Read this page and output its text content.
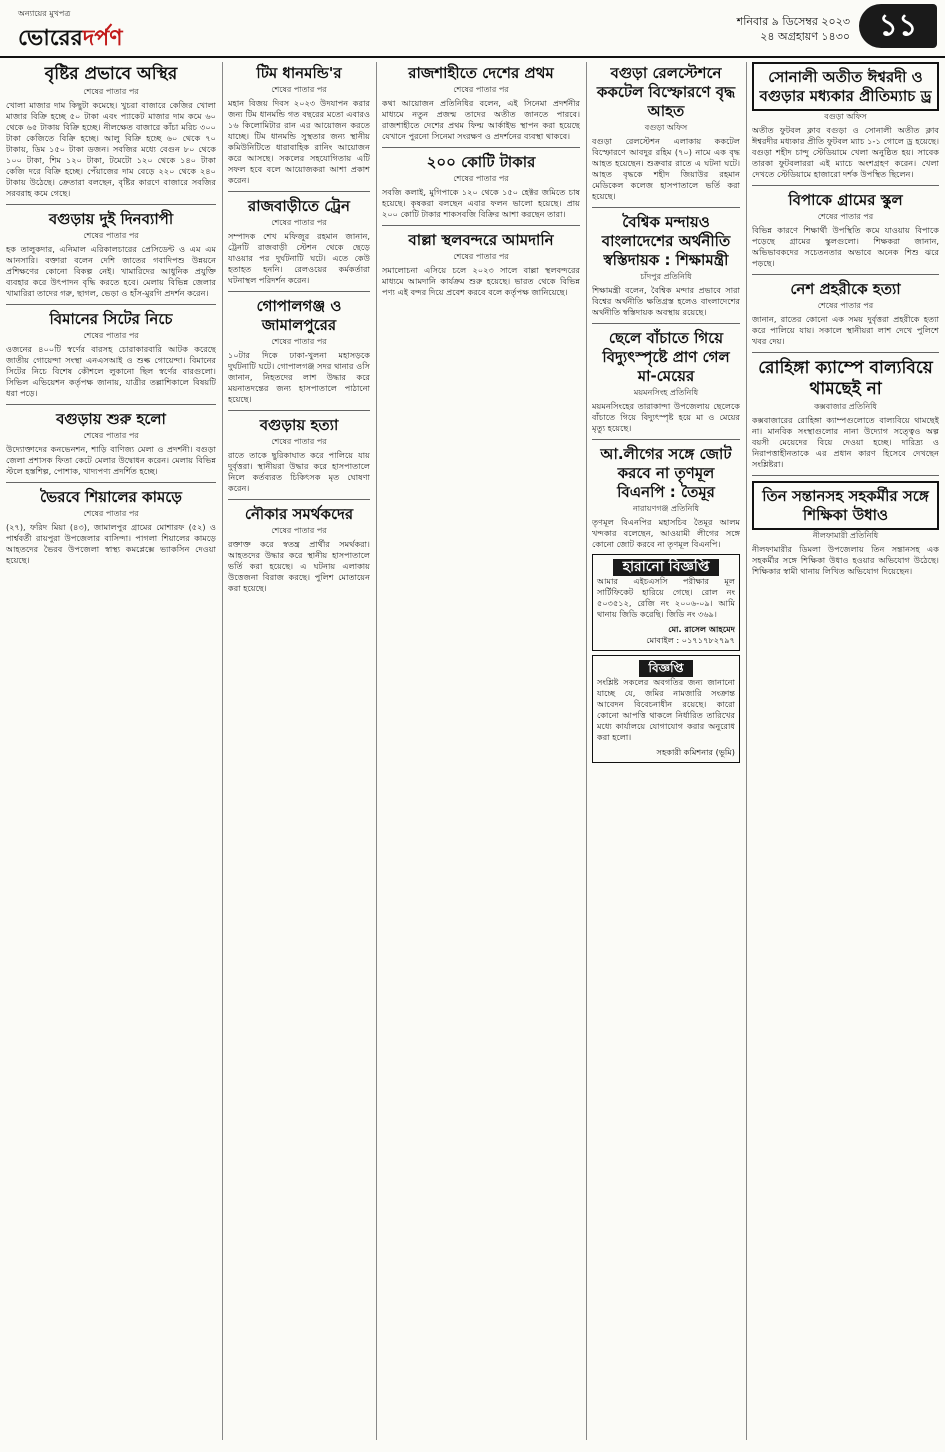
অন্যায়ের মুখপত্র
ভোরেরদর্পণ
শনিবার ৯ ডিসেম্বর ২০২৩
২৪ অগ্রহায়ণ ১৪৩০ ১১
বৃষ্টির প্রভাবে অস্থির
শেষের পাতার পর

খোলা মাজার দাম কিছুটা কমেছে। খুচরা বাজারে কেজির খোলা মাজার বিক্রি হচ্ছে ৫০ টাকা এবং প্যাকেট মাজার দাম কমে ৬০ থেকে ৬৫ টাকায় বিক্রি হচ্ছে। নীলক্ষেত বাজারে কাঁচা মরিচ ৩০০ টাকা কেজিতে বিক্রি হচ্ছে। আলু বিক্রি হচ্ছে ৬০ থেকে ৭০ টাকায়, ডিম ১৫০ টাকা ডজন। সবজির মধ্যে বেগুন ৮০ থেকে ১০০ টাকা, শিম ১২০ টাকা, টমেটো ১২০ থেকে ১৪০ টাকা কেজি দরে বিক্রি হচ্ছে। পেঁয়াজের দাম বেড়ে ২২০ থেকে ২৪০ টাকায় উঠেছে। ক্রেতারা বলছেন, বৃষ্টির কারণে বাজারে সবজির সরবরাহ কমে গেছে।

বগুড়ায় দুই দিনব্যাপী
শেষের পাতার পর

হক তালুকদার, এনিমাল এরিকালচারের প্রেসিডেন্ট ও এম এম আনসারি। বক্তারা বলেন দেশি জাতের গবাদিপশু উন্নয়নে প্রশিক্ষণের কোনো বিকল্প নেই। খামারিদের আধুনিক প্রযুক্তি ব্যবহার করে উৎপাদন বৃদ্ধি করতে হবে। মেলায় বিভিন্ন জেলার খামারিরা তাদের গরু, ছাগল, ভেড়া ও হাঁস-মুরগি প্রদর্শন করেন।

বিমানের সিটের নিচে
শেষের পাতার পর

ওজনের ৪০০টি স্বর্ণের বারসহ চোরাকারবারি আটক করেছে জাতীয় গোয়েন্দা সংস্থা এনএসআই ও শুল্ক গোয়েন্দা। বিমানের সিটের নিচে বিশেষ কৌশলে লুকানো ছিল স্বর্ণের বারগুলো। সিভিল এভিয়েশন কর্তৃপক্ষ জানায়, যাত্রীর তল্লাশিকালে বিষয়টি ধরা পড়ে।

বগুড়ায় শুরু হলো
শেষের পাতার পর

উদ্যোক্তাদের কনভেনশন, শাড়ি বাণিজ্য মেলা ও প্রদর্শনী। বগুড়া জেলা প্রশাসক ফিতা কেটে মেলার উদ্বোধন করেন। মেলায় বিভিন্ন স্টলে হস্তশিল্প, পোশাক, খাদ্যপণ্য প্রদর্শিত হচ্ছে।

ভৈরবে শিয়ালের কামড়ে
শেষের পাতার পর

(২৭), ফরিদ মিয়া (৪৩), জামালপুর গ্রামের মোশারফ (৫২) ও পার্শ্ববর্তী রায়পুরা উপজেলার বাসিন্দা। পাগলা শিয়ালের কামড়ে আহতদের ভৈরব উপজেলা স্বাস্থ্য কমপ্লেক্সে ভ্যাকসিন দেওয়া হয়েছে।

টিম ধানমন্ডি'র
শেষের পাতার পর

মহান বিজয় দিবস ২০২৩ উদযাপন করার জন্য টিম ধানমন্ডি গত বছরের মতো এবারও ১৬ কিলোমিটার রান এর আয়োজন করতে যাচ্ছে। টিম ধানমন্ডি সুস্থতার জন্য স্থানীয় কমিউনিটিতে ধারাবাহিক রানিং আয়োজন করে আসছে। সকলের সহযোগিতায় এটি সফল হবে বলে আয়োজকরা আশা প্রকাশ করেন।

রাজবাড়ীতে ট্রেন
শেষের পাতার পর

সম্পাদক শেখ মফিজুর রহমান জানান, ট্রেনটি রাজবাড়ী স্টেশন থেকে ছেড়ে যাওয়ার পর দুর্ঘটনাটি ঘটে। এতে কেউ হতাহত হননি। রেলওয়ের কর্মকর্তারা ঘটনাস্থল পরিদর্শন করেন।

গোপালগঞ্জ ও জামালপুরের
শেষের পাতার পর

১০টার দিকে ঢাকা-খুলনা মহাসড়কে দুর্ঘটনাটি ঘটে। গোপালগঞ্জ সদর থানার ওসি জানান, নিহতদের লাশ উদ্ধার করে ময়নাতদন্তের জন্য হাসপাতালে পাঠানো হয়েছে।

বগুড়ায় হত্যা
শেষের পাতার পর

রাতে তাকে ছুরিকাঘাত করে পালিয়ে যায় দুর্বৃত্তরা। স্থানীয়রা উদ্ধার করে হাসপাতালে নিলে কর্তব্যরত চিকিৎসক মৃত ঘোষণা করেন।

নৌকার সমর্থকদের
শেষের পাতার পর

রক্তাক্ত করে স্বতন্ত্র প্রার্থীর সমর্থকরা। আহতদের উদ্ধার করে স্থানীয় হাসপাতালে ভর্তি করা হয়েছে। এ ঘটনায় এলাকায় উত্তেজনা বিরাজ করছে। পুলিশ মোতায়েন করা হয়েছে।

রাজশাহীতে দেশের প্রথম
শেষের পাতার পর

কথা আয়োজন প্রতিনিধির বলেন, এই সিনেমা প্রদর্শনীর মাধ্যমে নতুন প্রজন্ম তাদের অতীত জানতে পারবে। রাজশাহীতে দেশের প্রথম ফিল্ম আর্কাইভ স্থাপন করা হয়েছে যেখানে পুরনো সিনেমা সংরক্ষণ ও প্রদর্শনের ব্যবস্থা থাকবে।

২০০ কোটি টাকার
শেষের পাতার পর

সবজি কলাই, মুগিপাকে ১২০ থেকে ১৫০ হেক্টর জমিতে চাষ হয়েছে। কৃষকরা বলছেন এবার ফলন ভালো হয়েছে। প্রায় ২০০ কোটি টাকার শাকসবজি বিক্রির আশা করছেন তারা।

বাল্লা স্থলবন্দরে আমদানি
শেষের পাতার পর

সমালোচনা এসিয়ে চলে ২০২৩ সালে বাল্লা স্থলবন্দরের মাধ্যমে আমদানি কার্যক্রম শুরু হয়েছে। ভারত থেকে বিভিন্ন পণ্য এই বন্দর দিয়ে প্রবেশ করবে বলে কর্তৃপক্ষ জানিয়েছে।

বগুড়া রেলস্টেশনে ককটেল বিস্ফোরণে বৃদ্ধ আহত
বগুড়া অফিস

বগুড়া রেলস্টেশন এলাকায় ককটেল বিস্ফোরণে আবদুর রহিম (৭০) নামে এক বৃদ্ধ আহত হয়েছেন। শুক্রবার রাতে এ ঘটনা ঘটে। আহত বৃদ্ধকে শহীদ জিয়াউর রহমান মেডিকেল কলেজ হাসপাতালে ভর্তি করা হয়েছে।

বৈশ্বিক মন্দায়ও বাংলাদেশের অর্থনীতি স্বস্তিদায়ক : শিক্ষামন্ত্রী
চাঁদপুর প্রতিনিধি

শিক্ষামন্ত্রী বলেন, বৈশ্বিক মন্দার প্রভাবে সারা বিশ্বের অর্থনীতি ক্ষতিগ্রস্ত হলেও বাংলাদেশের অর্থনীতি স্বস্তিদায়ক অবস্থায় রয়েছে।

ছেলে বাঁচাতে গিয়ে বিদ্যুৎস্পৃষ্টে প্রাণ গেল মা-মেয়ের
ময়মনসিংহ প্রতিনিধি

ময়মনসিংহের তারাকান্দা উপজেলায় ছেলেকে বাঁচাতে গিয়ে বিদ্যুৎস্পৃষ্ট হয়ে মা ও মেয়ের মৃত্যু হয়েছে।

আ.লীগের সঙ্গে জোট করবে না তৃণমূল বিএনপি : তৈমূর
নারায়ণগঞ্জ প্রতিনিধি

তৃণমূল বিএনপির মহাসচিব তৈমূর আলম খন্দকার বলেছেন, আওয়ামী লীগের সঙ্গে কোনো জোট করবে না তৃণমূল বিএনপি।

হারানো বিজ্ঞপ্তি

আমার এইচএসসি পরীক্ষার মূল সার্টিফিকেট হারিয়ে গেছে। রোল নং ৫০৩৫১২, রেজি নং ২০০৬-০৯। আমি থানায় জিডি করেছি। জিডি নং ৩৬৯।

মো. রাসেল আহমেদ
মোবাইল : ০১৭১৭৮২৭৯৭
বিজ্ঞপ্তি

সংশ্লিষ্ট সকলের অবগতির জন্য জানানো যাচ্ছে যে, জমির নামজারি সংক্রান্ত আবেদন বিবেচনাধীন রয়েছে। কারো কোনো আপত্তি থাকলে নির্ধারিত তারিখের মধ্যে কার্যালয়ে যোগাযোগ করার অনুরোধ করা হলো।

সহকারী কমিশনার (ভূমি)
সোনালী অতীত ঈশ্বরদী ও বগুড়ার মধ্যকার প্রীতিম্যাচ ড্র
বগুড়া অফিস

অতীত ফুটবল ক্লাব বগুড়া ও সোনালী অতীত ক্লাব ঈশ্বরদীর মধ্যকার প্রীতি ফুটবল ম্যাচ ১-১ গোলে ড্র হয়েছে। বগুড়া শহীদ চান্দু স্টেডিয়ামে খেলা অনুষ্ঠিত হয়। সাবেক তারকা ফুটবলাররা এই ম্যাচে অংশগ্রহণ করেন। খেলা দেখতে স্টেডিয়ামে হাজারো দর্শক উপস্থিত ছিলেন।

বিপাকে গ্রামের স্কুল
শেষের পাতার পর

বিভিন্ন কারণে শিক্ষার্থী উপস্থিতি কমে যাওয়ায় বিপাকে পড়েছে গ্রামের স্কুলগুলো। শিক্ষকরা জানান, অভিভাবকদের সচেতনতার অভাবে অনেক শিশু ঝরে পড়ছে।

নেশ প্রহরীকে হত্যা
শেষের পাতার পর

জানান, রাতের কোনো এক সময় দুর্বৃত্তরা প্রহরীকে হত্যা করে পালিয়ে যায়। সকালে স্থানীয়রা লাশ দেখে পুলিশে খবর দেয়।

রোহিঙ্গা ক্যাম্পে বাল্যবিয়ে থামছেই না
কক্সবাজার প্রতিনিধি

কক্সবাজারের রোহিঙ্গা ক্যাম্পগুলোতে বাল্যবিয়ে থামছেই না। মানবিক সংস্থাগুলোর নানা উদ্যোগ সত্ত্বেও অল্প বয়সী মেয়েদের বিয়ে দেওয়া হচ্ছে। দারিদ্র্য ও নিরাপত্তাহীনতাকে এর প্রধান কারণ হিসেবে দেখছেন সংশ্লিষ্টরা।

তিন সন্তানসহ সহকর্মীর সঙ্গে শিক্ষিকা উধাও
নীলফামারী প্রতিনিধি

নীলফামারীর ডিমলা উপজেলায় তিন সন্তানসহ এক সহকর্মীর সঙ্গে শিক্ষিকা উধাও হওয়ার অভিযোগ উঠেছে। শিক্ষিকার স্বামী থানায় লিখিত অভিযোগ দিয়েছেন।
